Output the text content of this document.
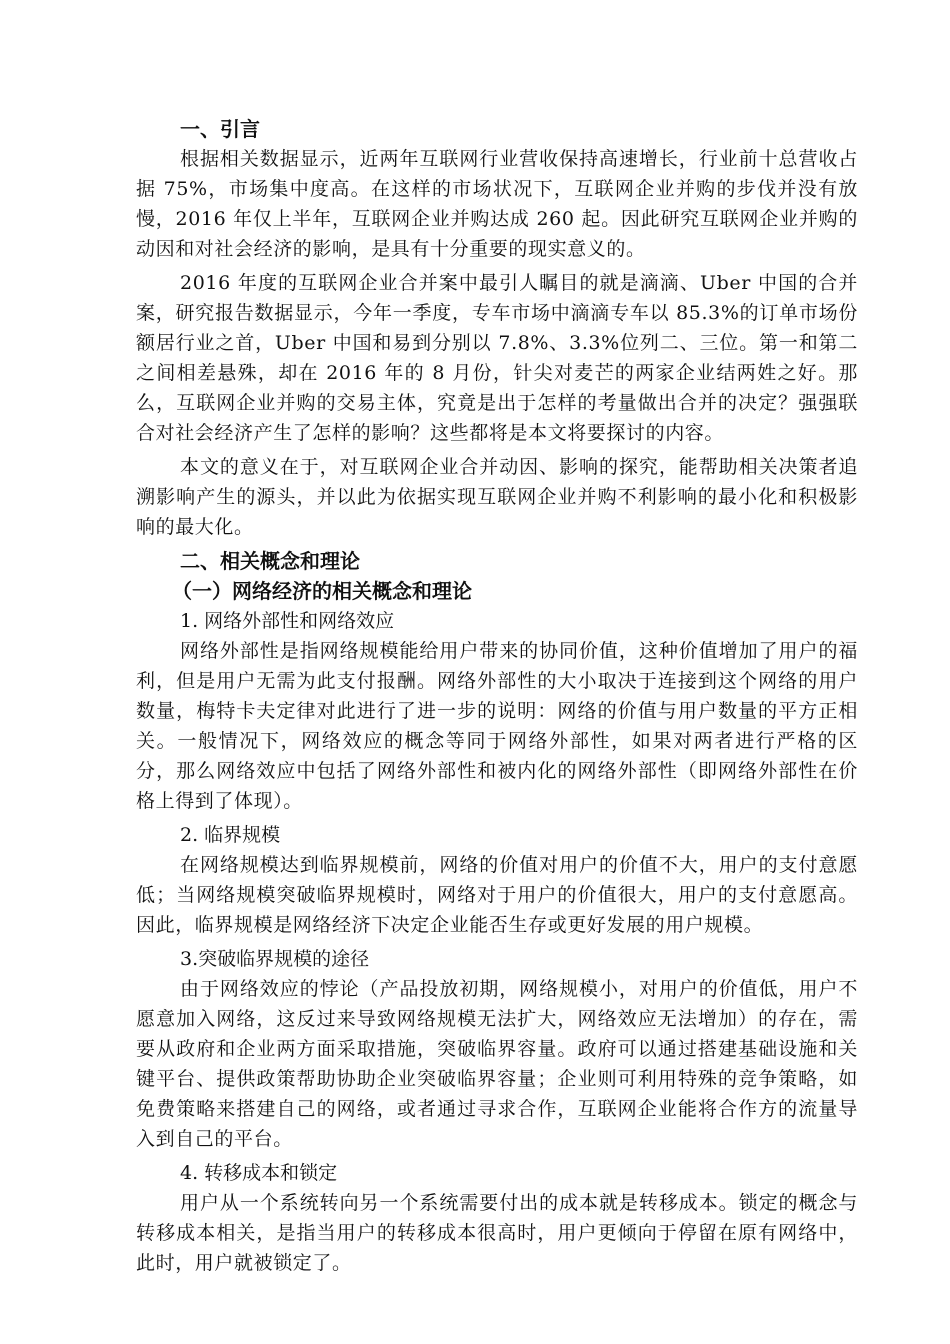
一、引言

根据相关数据显示，近两年互联网行业营收保持高速增长，行业前十总营收占据 75%，市场集中度高。在这样的市场状况下，互联网企业并购的步伐并没有放慢，2016 年仅上半年，互联网企业并购达成 260 起。因此研究互联网企业并购的动因和对社会经济的影响，是具有十分重要的现实意义的。

2016 年度的互联网企业合并案中最引人瞩目的就是滴滴、Uber 中国的合并案，研究报告数据显示，今年一季度，专车市场中滴滴专车以 85.3%的订单市场份额居行业之首，Uber 中国和易到分别以 7.8%、3.3%位列二、三位。第一和第二之间相差悬殊，却在 2016 年的 8 月份，针尖对麦芒的两家企业结两姓之好。那么，互联网企业并购的交易主体，究竟是出于怎样的考量做出合并的决定？强强联合对社会经济产生了怎样的影响？这些都将是本文将要探讨的内容。

本文的意义在于，对互联网企业合并动因、影响的探究，能帮助相关决策者追溯影响产生的源头，并以此为依据实现互联网企业并购不利影响的最小化和积极影响的最大化。

二、相关概念和理论
（一）网络经济的相关概念和理论
1. 网络外部性和网络效应

网络外部性是指网络规模能给用户带来的协同价值，这种价值增加了用户的福利，但是用户无需为此支付报酬。网络外部性的大小取决于连接到这个网络的用户数量，梅特卡夫定律对此进行了进一步的说明：网络的价值与用户数量的平方正相关。一般情况下，网络效应的概念等同于网络外部性，如果对两者进行严格的区分，那么网络效应中包括了网络外部性和被内化的网络外部性（即网络外部性在价格上得到了体现）。

2. 临界规模

在网络规模达到临界规模前，网络的价值对用户的价值不大，用户的支付意愿低；当网络规模突破临界规模时，网络对于用户的价值很大，用户的支付意愿高。因此，临界规模是网络经济下决定企业能否生存或更好发展的用户规模。

3.突破临界规模的途径

由于网络效应的悖论（产品投放初期，网络规模小，对用户的价值低，用户不愿意加入网络，这反过来导致网络规模无法扩大，网络效应无法增加）的存在，需要从政府和企业两方面采取措施，突破临界容量。政府可以通过搭建基础设施和关键平台、提供政策帮助协助企业突破临界容量；企业则可利用特殊的竞争策略，如免费策略来搭建自己的网络，或者通过寻求合作，互联网企业能将合作方的流量导入到自己的平台。

4. 转移成本和锁定

用户从一个系统转向另一个系统需要付出的成本就是转移成本。锁定的概念与转移成本相关，是指当用户的转移成本很高时，用户更倾向于停留在原有网络中，此时，用户就被锁定了。
